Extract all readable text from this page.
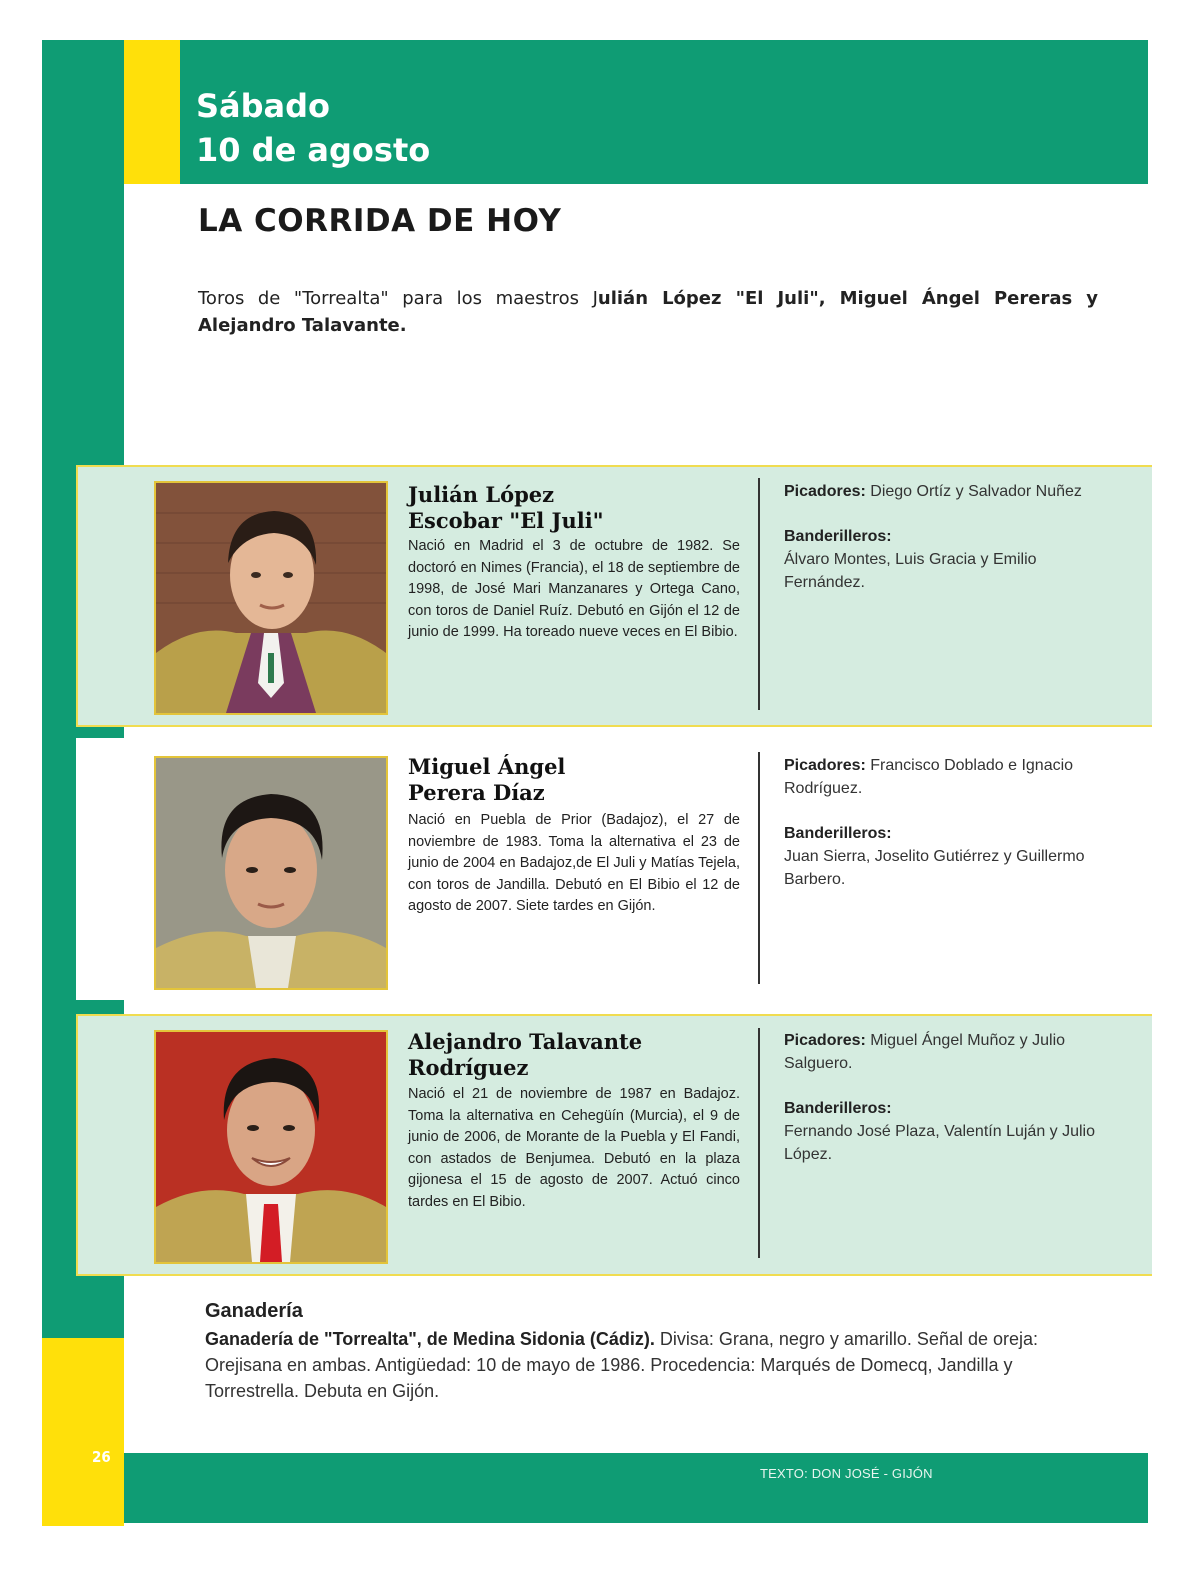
Sábado
10 de agosto
LA CORRIDA DE HOY
Toros de "Torrealta" para los maestros Julián López "El Juli", Miguel Ángel Pereras y Alejandro Talavante.
Julián López
Escobar "El Juli"
Nació en Madrid el 3 de octubre de 1982. Se doctoró en Nimes (Francia), el 18 de septiembre de 1998, de José Mari Manzanares y Ortega Cano, con toros de Daniel Ruíz. Debutó en Gijón el 12 de junio de 1999. Ha toreado nueve veces en El Bibio.

Picadores: Diego Ortíz y Salvador Nuñez

Banderilleros:
Álvaro Montes, Luis Gracia y Emilio Fernández.
Miguel Ángel
Perera Díaz
Nació en Puebla de Prior (Badajoz), el 27 de noviembre de 1983. Toma la alternativa el 23 de junio de 2004 en Badajoz,de El Juli y Matías Tejela, con toros de Jandilla. Debutó en El Bibio el 12 de agosto de 2007. Siete tardes en Gijón.

Picadores: Francisco Doblado e Ignacio Rodríguez.

Banderilleros:
Juan Sierra, Joselito Gutiérrez y Guillermo Barbero.
Alejandro Talavante
Rodríguez
Nació el 21 de noviembre de 1987 en Badajoz. Toma la alternativa en Cehegüín (Murcia), el 9 de junio de 2006, de Morante de la Puebla y El Fandi, con astados de Benjumea. Debutó en la plaza gijonesa el 15 de agosto de 2007. Actuó cinco tardes en El Bibio.

Picadores: Miguel Ángel Muñoz y Julio Salguero.

Banderilleros:
Fernando José Plaza, Valentín Luján y Julio López.
Ganadería
Ganadería de "Torrealta", de Medina Sidonia (Cádiz). Divisa: Grana, negro y amarillo. Señal de oreja: Orejisana en ambas. Antigüedad: 10 de mayo de 1986. Procedencia: Marqués de Domecq, Jandilla y Torrestrella. Debuta en Gijón.
26
TEXTO: DON JOSÉ - GIJÓN
